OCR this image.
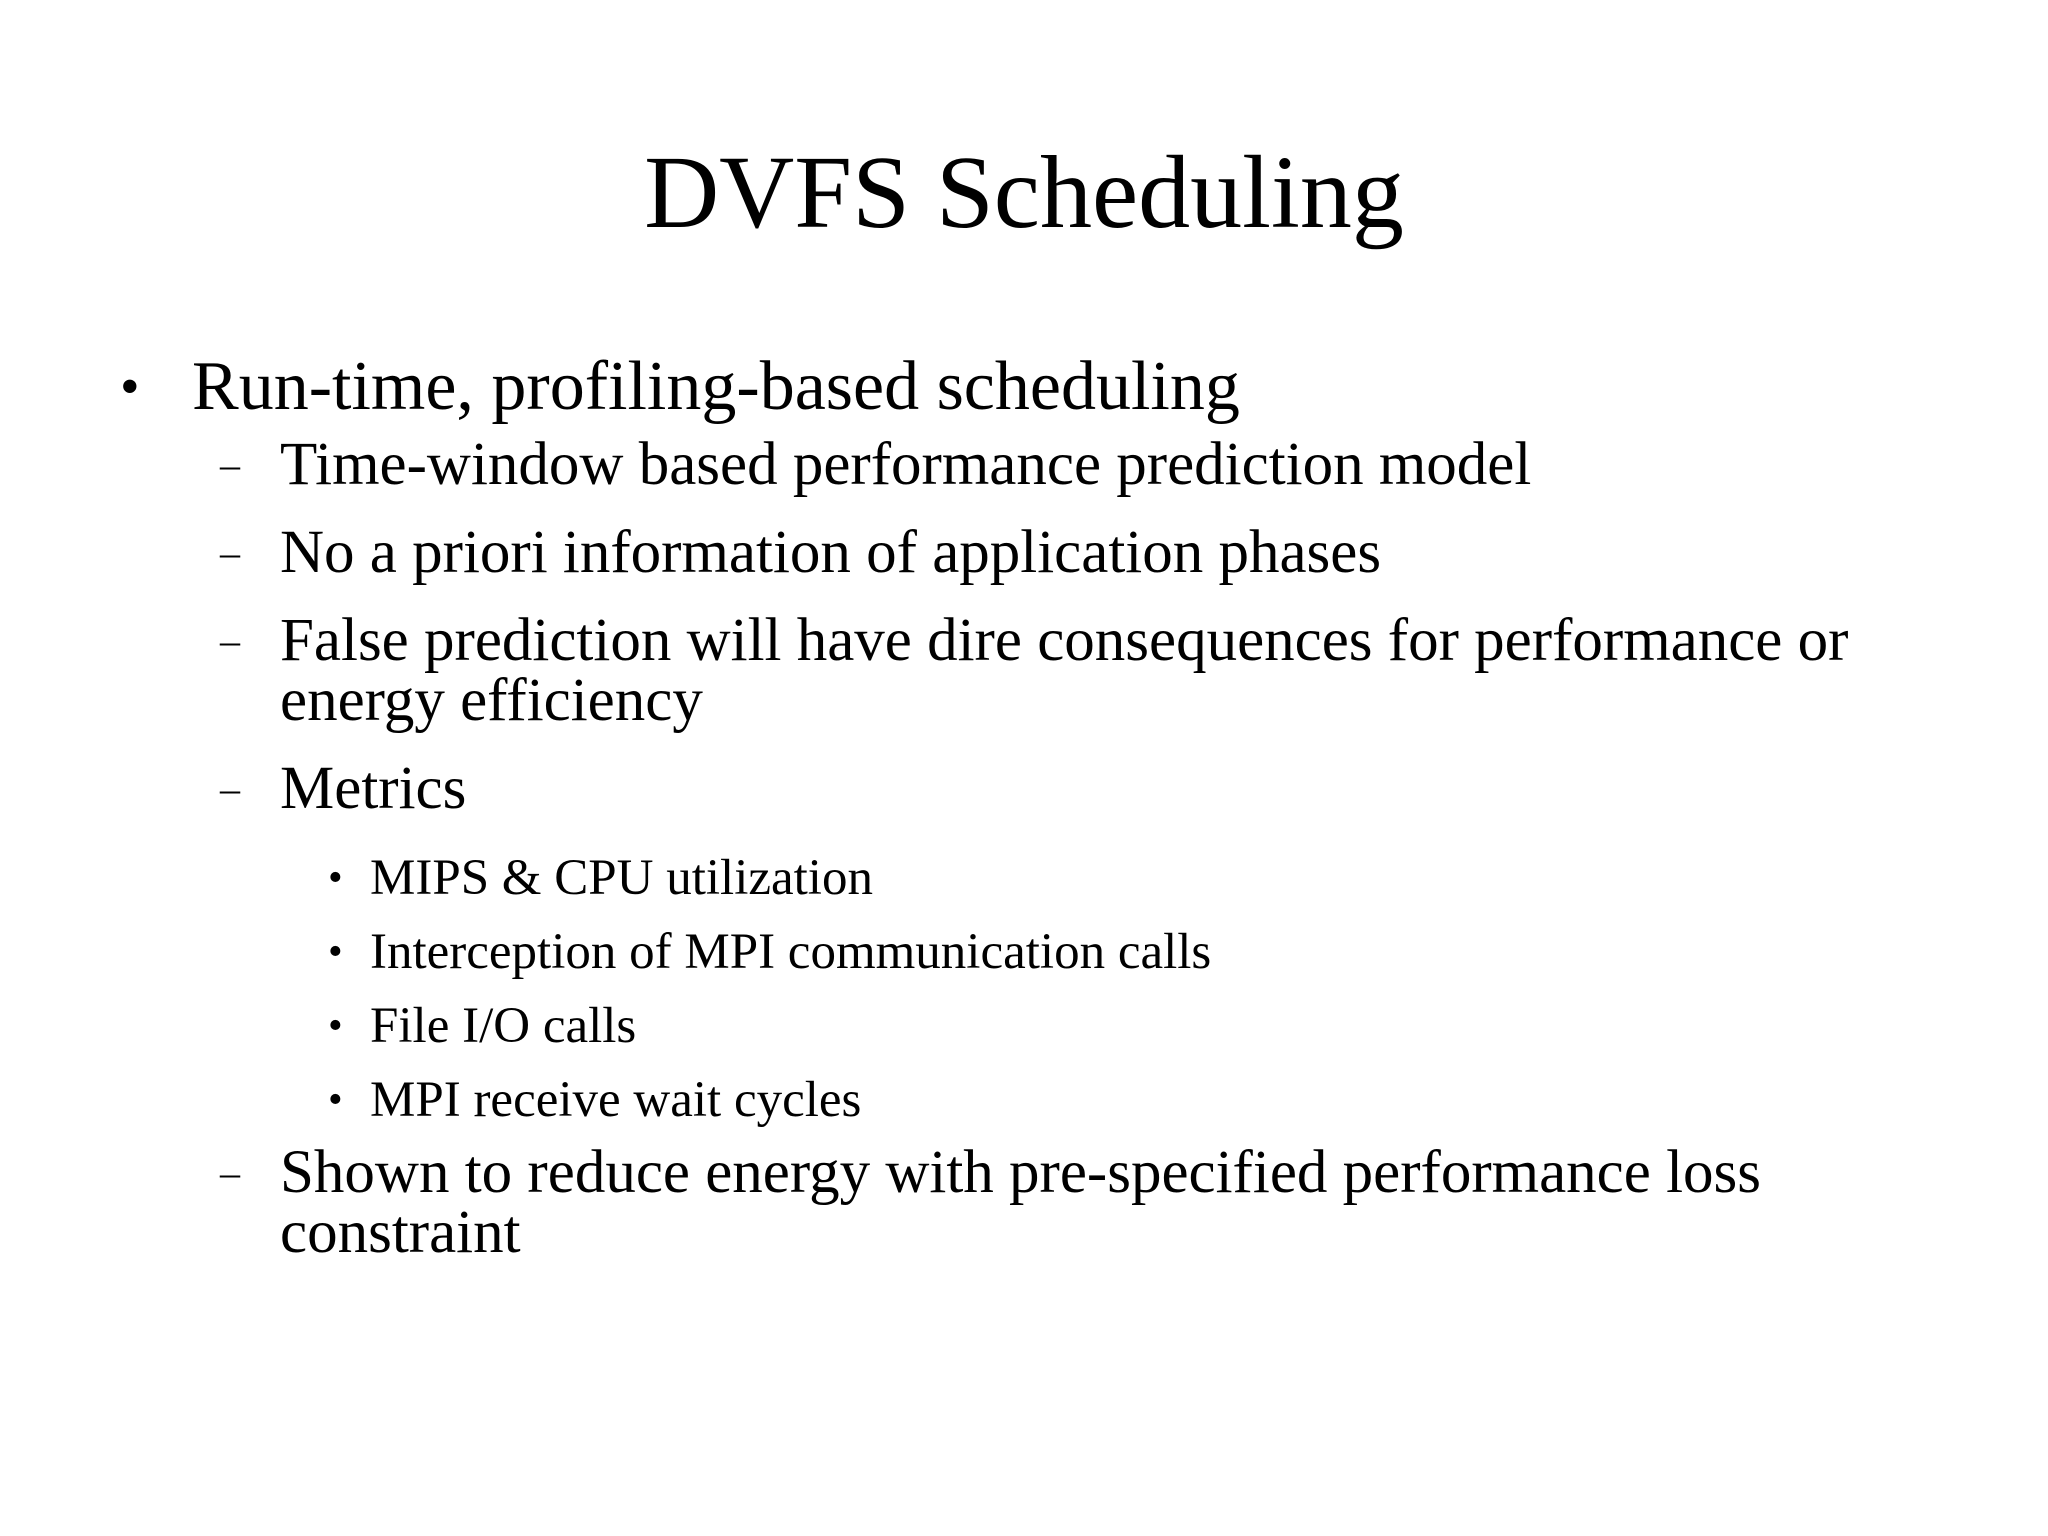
DVFS Scheduling
• Run-time, profiling-based scheduling
– Time-window based performance prediction model
– No a priori information of application phases
– False prediction will have dire consequences for performance or energy efficiency
– Metrics
• MIPS & CPU utilization
• Interception of MPI communication calls
• File I/O calls
• MPI receive wait cycles
– Shown to reduce energy with pre-specified performance loss constraint
